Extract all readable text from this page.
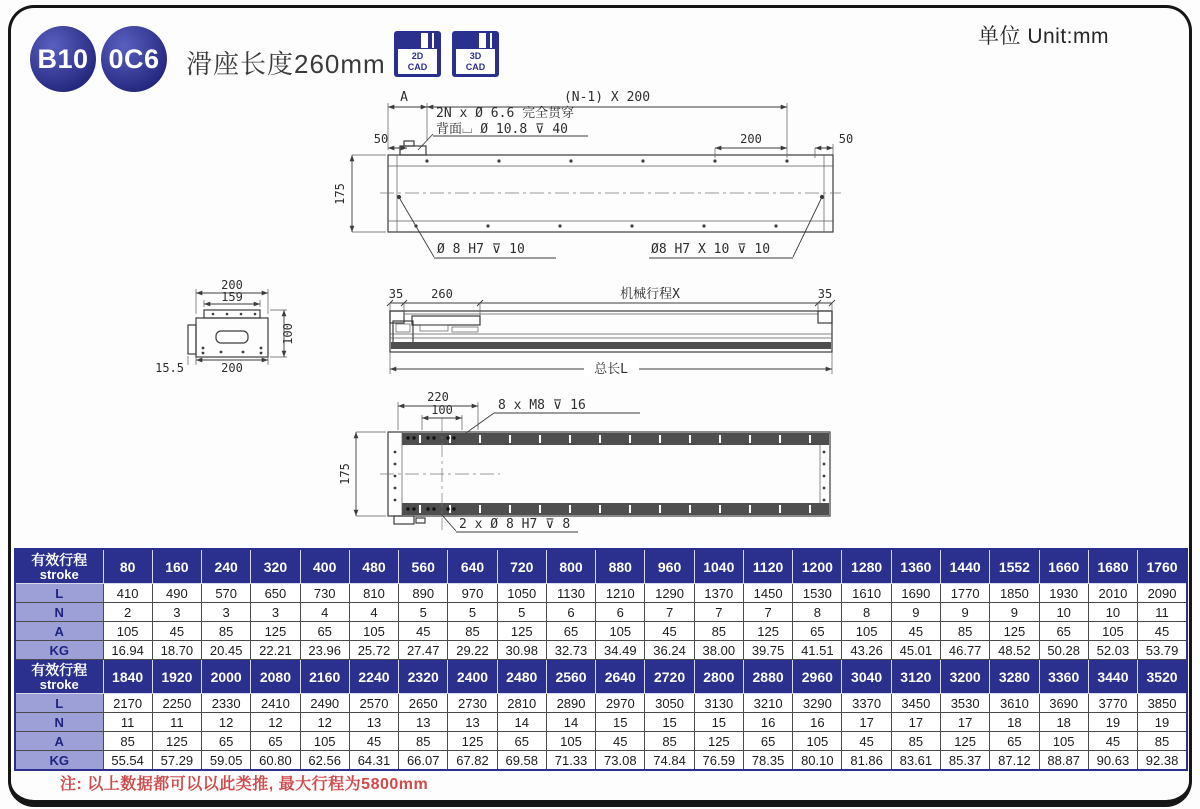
B10 0C6 滑座长度260mm	2D
CAD
3D
CAD
单位 Unit:mm
A	(N-1) X 200
2N x Ø 6.6 完全贯穿
背面⌴ Ø 10.8 ⊽ 40
50	200	50
175
Ø 8 H7 ⊽ 10	Ø8 H7 X 10 ⊽ 10
200
159
100
200
15.5
35 260	机械行程X	35
总长L
220
100	8 x M8 ⊽ 16
175
2 x Ø 8 H7 ⊽ 8
有效行程
stroke	80	160	240	320	400	480	560	640	720	800	880	960	1040	1120	1200	1280	1360	1440	1552	1660	1680	1760
L	410	490	570	650	730	810	890	970	1050	1130	1210	1290	1370	1450	1530	1610	1690	1770	1850	1930	2010	2090
N	2	3	3	3	4	4	5	5	5	6	6	7	7	7	8	8	9	9	9	10	10	11
A	105	45	85	125	65	105	45	85	125	65	105	45	85	125	65	105	45	85	125	65	105	45
KG	16.94	18.70	20.45	22.21	23.96	25.72	27.47	29.22	30.98	32.73	34.49	36.24	38.00	39.75	41.51	43.26	45.01	46.77	48.52	50.28	52.03	53.79

有效行程
stroke	1840	1920	2000	2080	2160	2240	2320	2400	2480	2560	2640	2720	2800	2880	2960	3040	3120	3200	3280	3360	3440	3520
L	2170	2250	2330	2410	2490	2570	2650	2730	2810	2890	2970	3050	3130	3210	3290	3370	3450	3530	3610	3690	3770	3850
N	11	11	12	12	12	13	13	13	14	14	15	15	15	16	16	17	17	17	18	18	19	19
A	85	125	65	65	105	45	85	125	65	105	45	85	125	65	105	45	85	125	65	105	45	85
KG	55.54	57.29	59.05	60.80	62.56	64.31	66.07	67.82	69.58	71.33	73.08	74.84	76.59	78.35	80.10	81.86	83.61	85.37	87.12	88.87	90.63	92.38
注: 以上数据都可以以此类推, 最大行程为5800mm
